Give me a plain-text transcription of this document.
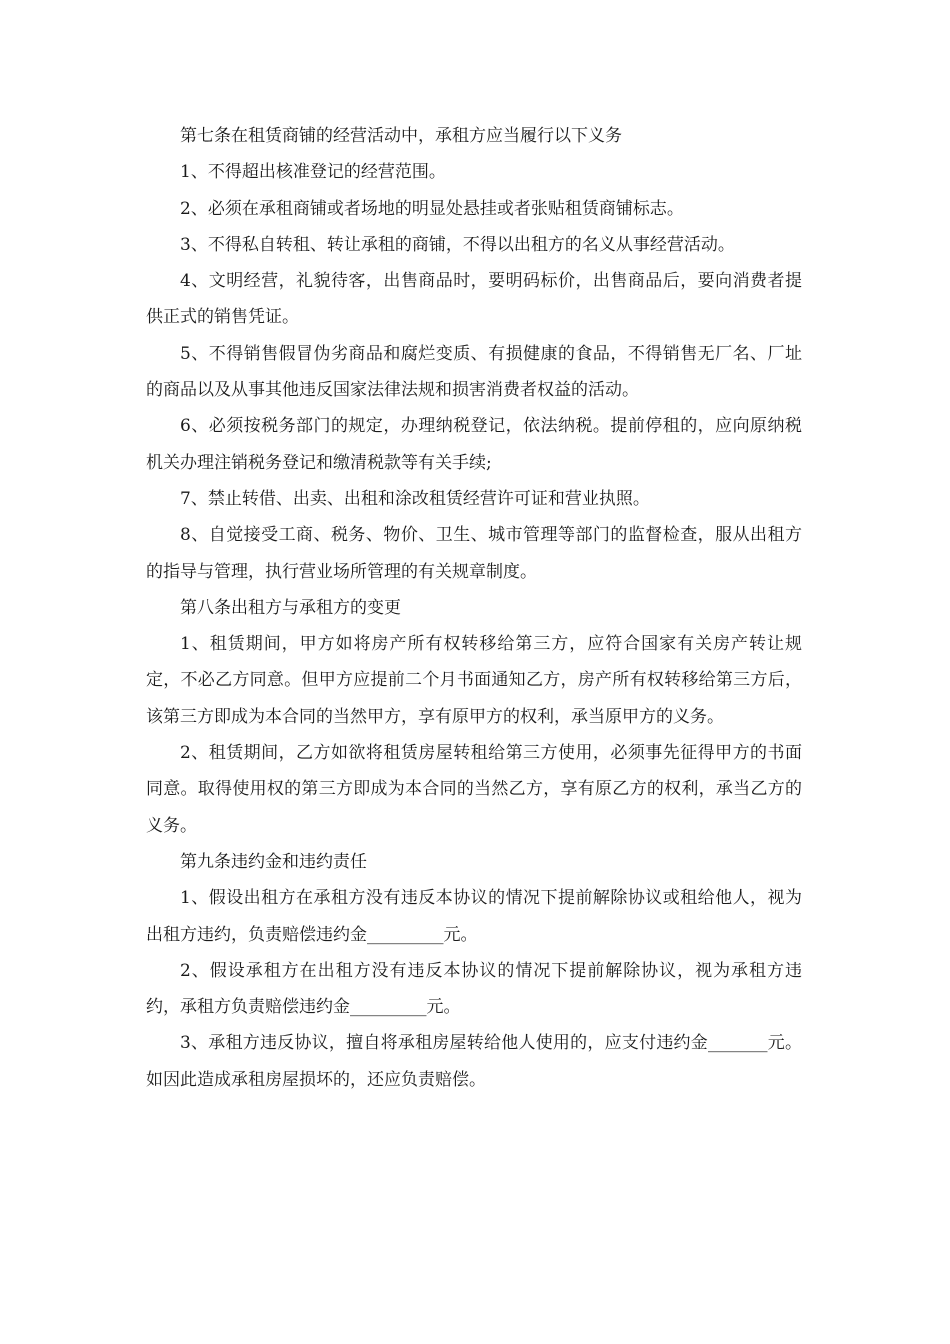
第七条在租赁商铺的经营活动中，承租方应当履行以下义务

1、不得超出核准登记的经营范围。

2、必须在承租商铺或者场地的明显处悬挂或者张贴租赁商铺标志。

3、不得私自转租、转让承租的商铺，不得以出租方的名义从事经营活动。

4、文明经营，礼貌待客，出售商品时，要明码标价，出售商品后，要向消费者提供正式的销售凭证。

5、不得销售假冒伪劣商品和腐烂变质、有损健康的食品，不得销售无厂名、厂址的商品以及从事其他违反国家法律法规和损害消费者权益的活动。

6、必须按税务部门的规定，办理纳税登记，依法纳税。提前停租的，应向原纳税机关办理注销税务登记和缴清税款等有关手续;

7、禁止转借、出卖、出租和涂改租赁经营许可证和营业执照。

8、自觉接受工商、税务、物价、卫生、城市管理等部门的监督检查，服从出租方的指导与管理，执行营业场所管理的有关规章制度。

第八条出租方与承租方的变更

1、租赁期间，甲方如将房产所有权转移给第三方，应符合国家有关房产转让规定，不必乙方同意。但甲方应提前二个月书面通知乙方，房产所有权转移给第三方后，该第三方即成为本合同的当然甲方，享有原甲方的权利，承当原甲方的义务。

2、租赁期间，乙方如欲将租赁房屋转租给第三方使用，必须事先征得甲方的书面同意。取得使用权的第三方即成为本合同的当然乙方，享有原乙方的权利，承当乙方的义务。

第九条违约金和违约责任

1、假设出租方在承租方没有违反本协议的情况下提前解除协议或租给他人，视为出租方违约，负责赔偿违约金_________元。

2、假设承租方在出租方没有违反本协议的情况下提前解除协议，视为承租方违约，承租方负责赔偿违约金_________元。

3、承租方违反协议，擅自将承租房屋转给他人使用的，应支付违约金_______元。如因此造成承租房屋损坏的，还应负责赔偿。
